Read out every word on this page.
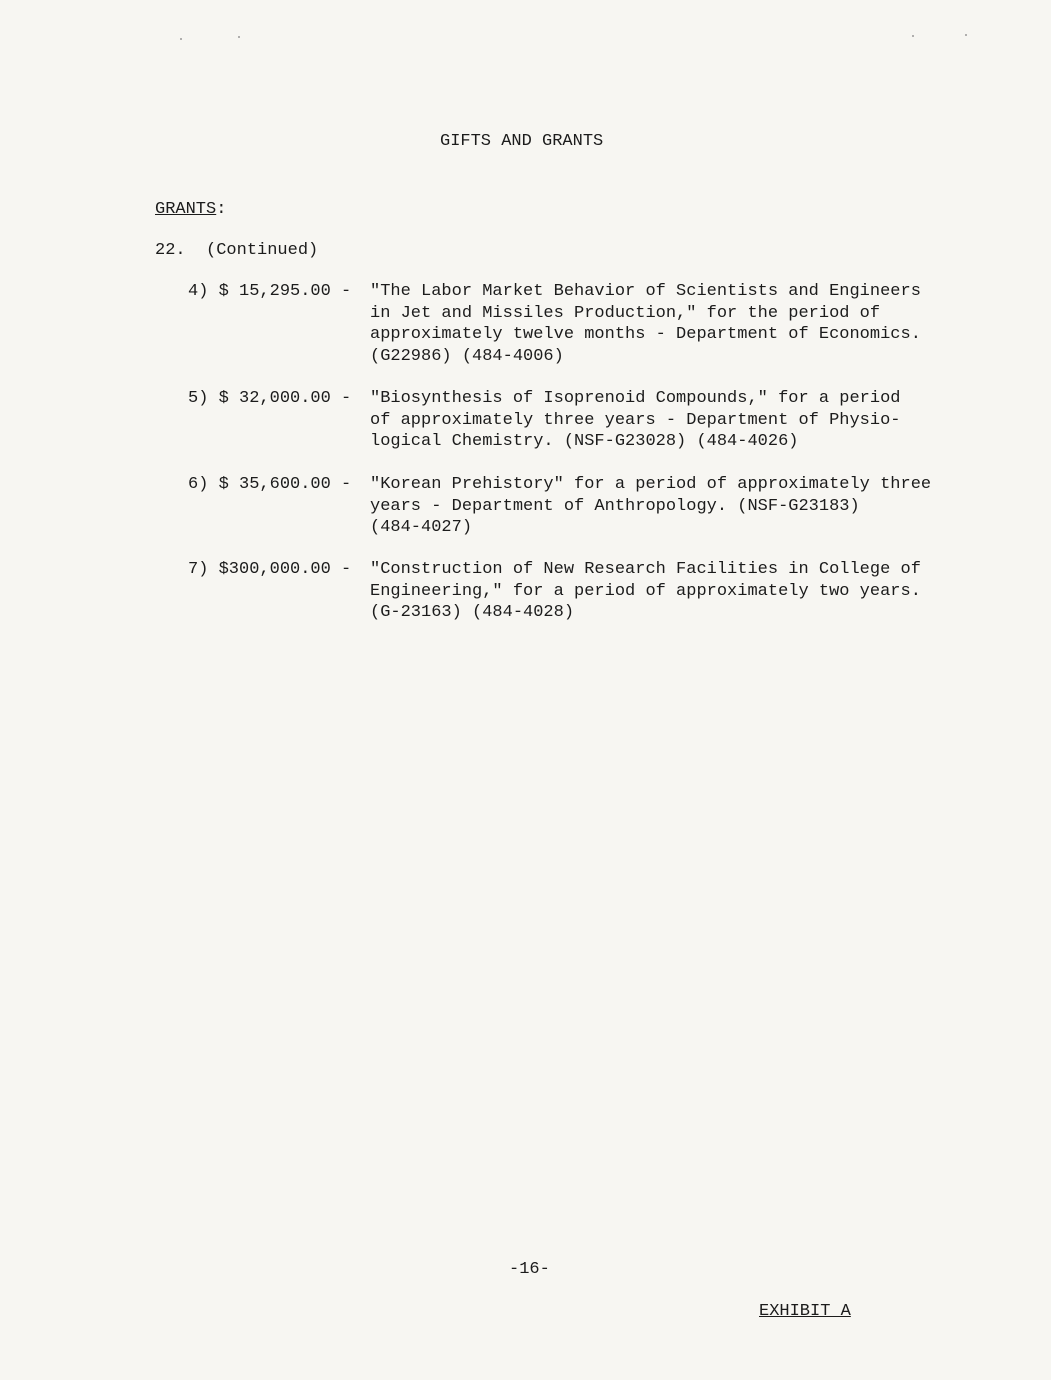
GIFTS AND GRANTS
GRANTS:
22. (Continued)
4) $ 15,295.00 - "The Labor Market Behavior of Scientists and Engineers
in Jet and Missiles Production," for the period of
approximately twelve months - Department of Economics.
(G22986) (484-4006)
5) $ 32,000.00 - "Biosynthesis of Isoprenoid Compounds," for a period
of approximately three years - Department of Physio-
logical Chemistry. (NSF-G23028) (484-4026)
6) $ 35,600.00 - "Korean Prehistory" for a period of approximately three
years - Department of Anthropology. (NSF-G23183)
(484-4027)
7) $300,000.00 - "Construction of New Research Facilities in College of
Engineering," for a period of approximately two years.
(G-23163) (484-4028)
-16-
EXHIBIT A
